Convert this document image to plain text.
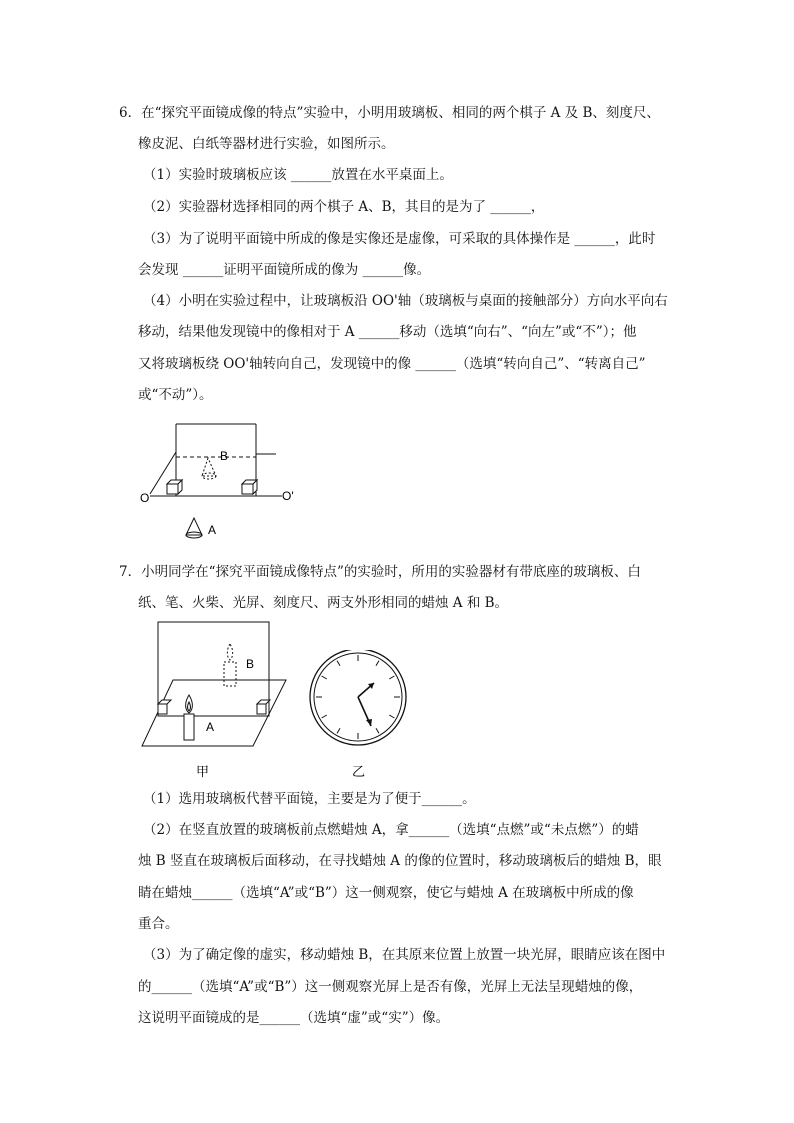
6．在“探究平面镜成像的特点”实验中，小明用玻璃板、相同的两个棋子 A 及 B、刻度尺、
橡皮泥、白纸等器材进行实验，如图所示。
（1）实验时玻璃板应该 ______放置在水平桌面上。
（2）实验器材选择相同的两个棋子 A、B，其目的是为了 ______，
（3）为了说明平面镜中所成的像是实像还是虚像，可采取的具体操作是 ______，此时
会发现 ______证明平面镜所成的像为 ______像。
（4）小明在实验过程中，让玻璃板沿 OO'轴（玻璃板与桌面的接触部分）方向水平向右
移动，结果他发现镜中的像相对于 A ______移动（选填“向右”、“向左”或“不”）；他
又将玻璃板绕 OO'轴转向自己，发现镜中的像 ______（选填“转向自己”、“转离自己”
或“不动”）。
B
O	O'
A
7．小明同学在“探究平面镜成像特点”的实验时，所用的实验器材有带底座的玻璃板、白
纸、笔、火柴、光屏、刻度尺、两支外形相同的蜡烛 A 和 B。
B
A
甲	乙
（1）选用玻璃板代替平面镜，主要是为了便于______。
（2）在竖直放置的玻璃板前点燃蜡烛 A，拿______（选填“点燃”或“未点燃”）的蜡
烛 B 竖直在玻璃板后面移动，在寻找蜡烛 A 的像的位置时，移动玻璃板后的蜡烛 B，眼
睛在蜡烛______（选填“A”或“B”）这一侧观察，使它与蜡烛 A 在玻璃板中所成的像
重合。
（3）为了确定像的虚实，移动蜡烛 B，在其原来位置上放置一块光屏，眼睛应该在图中
的______（选填“A”或“B”）这一侧观察光屏上是否有像，光屏上无法呈现蜡烛的像，
这说明平面镜成的是______（选填“虚”或“实”）像。
